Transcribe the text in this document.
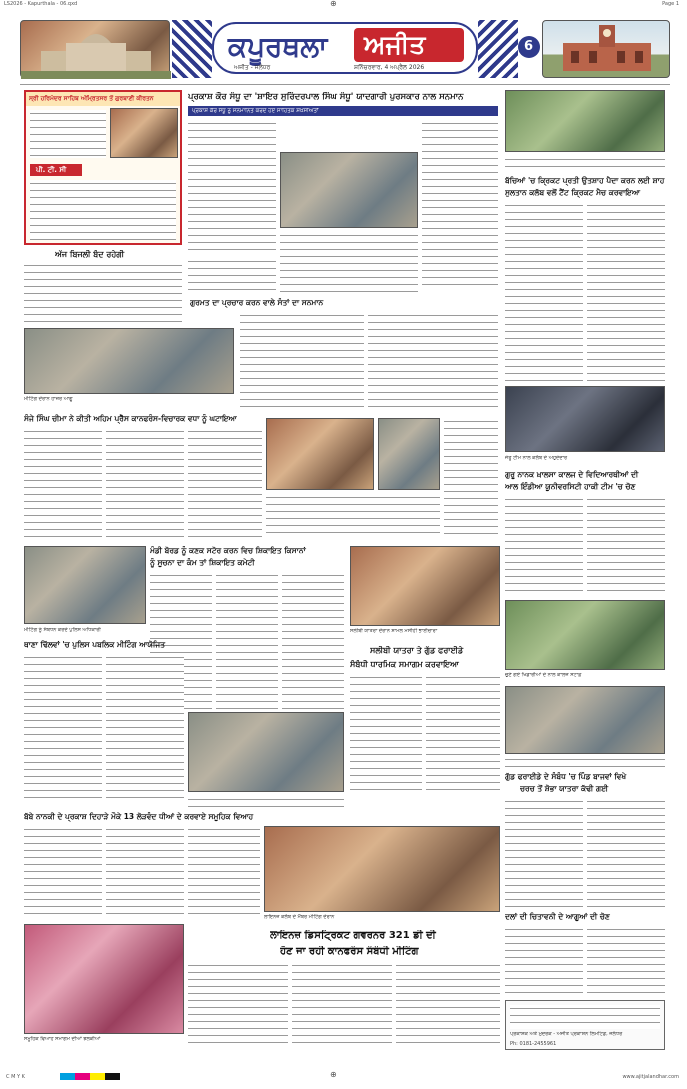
LS2026 - Kapurthala - 06.qxd	⊕	Page 1
ਕਪੂਰਥਲਾ ਅਜੀਤ
ਅਜੀਤ - ਜਲੰਧਰ	ਸ਼ਨਿੱਚਰਵਾਰ, 4 ਅਪ੍ਰੈਲ 2026
6
ਸ੍ਰੀ ਹਰਿਮੰਦਰ ਸਾਹਿਬ ਅੰਮ੍ਰਿਤਸਰ ਤੋਂ ਗੁਰਬਾਣੀ ਕੀਰਤਨ
ਪੀ. ਟੀ. ਸੀ
ਅੱਜ ਬਿਜਲੀ ਬੰਦ ਰਹੇਗੀ
ਪ੍ਰਕਾਸ਼ ਕੌਰ ਸੰਧੂ ਦਾ 'ਸ਼ਾਇਰ ਸੁਰਿੰਦਰਪਾਲ ਸਿੰਘ ਸੰਧੂ' ਯਾਦਗਾਰੀ ਪੁਰਸਕਾਰ ਨਾਲ ਸਨਮਾਨ
ਪ੍ਰਕਾਸ਼ ਕੌਰ ਸੰਧੂ ਨੂੰ ਸਨਮਾਨਿਤ ਕਰਦੇ ਹੋਏ ਸਾਹਿਤਕ ਸ਼ਖ਼ਸੀਅਤਾਂ
ਬੱਚਿਆਂ 'ਚ ਕ੍ਰਿਕਟ ਪ੍ਰਤੀ ਉਤਸ਼ਾਹ ਪੈਦਾ ਕਰਨ ਲਈ ਸ਼ਾਹ
ਸੁਲਤਾਨ ਕਲੱਬ ਵਲੋਂ ਟੈਂਟ ਕ੍ਰਿਕਟ ਮੈਚ ਕਰਵਾਇਆ
ਜੇਤੂ ਟੀਮ ਨਾਲ ਕਲੱਬ ਦੇ ਅਹੁਦੇਦਾਰ
ਗੁਰਮਤ ਦਾ ਪ੍ਰਚਾਰ ਕਰਨ ਵਾਲੇ ਸੰਤਾਂ ਦਾ ਸਨਮਾਨ
ਮੀਟਿੰਗ ਦੌਰਾਨ ਹਾਜ਼ਰ ਆਗੂ
ਸੰਜੇ ਸਿੰਘ ਚੀਮਾ ਨੇ ਕੀਤੀ ਅਹਿਮ ਪ੍ਰੈੱਸ ਕਾਨਫਰੰਸ-ਵਿਚਾਰਕ ਵਧਾ ਨੂੰ ਘਟਾਇਆ
ਗੁਰੂ ਨਾਨਕ ਖ਼ਾਲਸਾ ਕਾਲਜ ਦੇ ਵਿਦਿਆਰਥੀਆਂ ਦੀ
ਆਲ ਇੰਡੀਆ ਯੂਨੀਵਰਸਿਟੀ ਹਾਕੀ ਟੀਮ 'ਚ ਚੋਣ
ਚੁਣੇ ਗਏ ਖਿਡਾਰੀਆਂ ਦੇ ਨਾਲ ਕਾਲਜ ਸਟਾਫ਼
ਮੰਡੀ ਬੋਰਡ ਨੂੰ ਕਣਕ ਸਟੋਰ ਕਰਨ ਵਿਚ ਸ਼ਿਕਾਇਤ ਕਿਸਾਨਾਂ
ਨੂੰ ਸੂਚਨਾ ਦਾ ਕੰਮ ਤਾਂ ਸ਼ਿਕਾਇਤ ਕਮੇਟੀ
ਸਲੀਬੀ ਯਾਤਰਾ ਦੌਰਾਨ ਸ਼ਾਮਲ ਮਸੀਹੀ ਭਾਈਚਾਰਾ
ਸਲੀਬੀ ਯਾਤਰਾ ਤੇ ਗੁੱਡ ਫਰਾਈਡੇ
ਸੰਬੰਧੀ ਧਾਰਮਿਕ ਸਮਾਗਮ ਕਰਵਾਇਆ
ਮੀਟਿੰਗ ਨੂੰ ਸੰਬੋਧਨ ਕਰਦੇ ਪੁਲਿਸ ਅਧਿਕਾਰੀ
ਥਾਣਾ ਢਿੱਲਵਾਂ 'ਚ ਪੁਲਿਸ ਪਬਲਿਕ ਮੀਟਿੰਗ ਆਯੋਜਿਤ
ਗੁੱਡ ਫਰਾਈਡੇ ਦੇ ਸੰਬੰਧ 'ਚ ਪਿੰਡ ਬਾਜਵਾਂ ਵਿਖੇ
ਚਰਚ ਤੋਂ ਸ਼ੋਭਾ ਯਾਤਰਾ ਕੱਢੀ ਗਈ
ਬੱਬੇ ਨਾਨਕੀ ਦੇ ਪ੍ਰਕਾਸ਼ ਦਿਹਾੜੇ ਮੌਕੇ 13 ਲੋੜਵੰਦ ਧੀਆਂ ਦੇ ਕਰਵਾਏ ਸਮੂਹਿਕ ਵਿਆਹ
ਸਮੂਹਿਕ ਵਿਆਹ ਸਮਾਗਮ ਦੀਆਂ ਝਲਕੀਆਂ
ਲਾਇਨਜ਼ ਕਲੱਬ ਦੇ ਮੈਂਬਰ ਮੀਟਿੰਗ ਦੌਰਾਨ
ਲਾਇਨਜ਼ ਡਿਸਟ੍ਰਿਕਟ ਗਵਰਨਰ 321 ਡੀ ਦੀ
ਹੋਣ ਜਾ ਰਹੀ ਕਾਨਫਰੰਸ ਸੰਬੰਧੀ ਮੀਟਿੰਗ
ਦਲਾਂ ਦੀ ਚਿਤਾਵਨੀ ਦੇ ਆਗੂਆਂ ਦੀ ਚੋਣ
ਪ੍ਰਕਾਸ਼ਕ ਅਤੇ ਮੁਦਰਕ - ਅਜੀਤ ਪ੍ਰਕਾਸ਼ਨ ਲਿਮਟਿਡ, ਜਲੰਧਰ
Ph: 0181-2455961
C M Y K	⊕	www.ajitjalandhar.com
